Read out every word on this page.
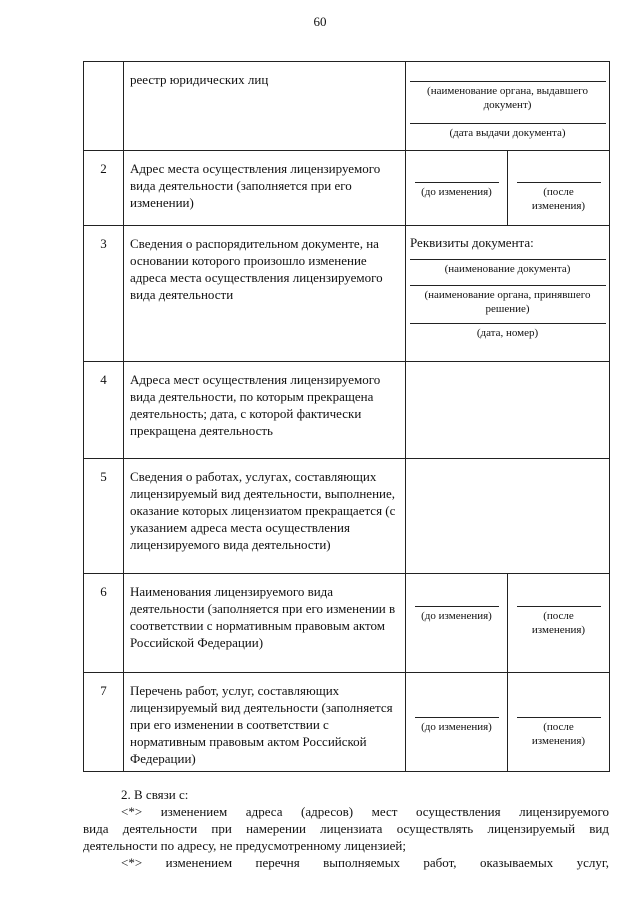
60
	реестр юридических лиц	(наименование органа, выдавшего документ)
(дата выдачи документа)

2	Адрес места осуществления лицензируемого вида деятельности (заполняется при его изменении)	(до изменения) (после изменения)

3	Сведения о распорядительном документе, на основании которого произошло изменение адреса места осуществления лицензируемого вида деятельности	Реквизиты документа:
(наименование документа)
(наименование органа, принявшего решение)
(дата, номер)

4	Адреса мест осуществления лицензируемого вида деятельности, по которым прекращена деятельность; дата, с которой фактически прекращена деятельность	
5	Сведения о работах, услугах, составляющих лицензируемый вид деятельности, выполнение, оказание которых лицензиатом прекращается (с указанием адреса места осуществления лицензируемого вида деятельности)	
6	Наименования лицензируемого вида деятельности (заполняется при его изменении в соответствии с нормативным правовым актом Российской Федерации)	(до изменения) (после изменения)

7	Перечень работ, услуг, составляющих лицензируемый вид деятельности (заполняется при его изменении в соответствии с нормативным правовым актом Российской Федерации)	(до изменения) (после изменения)
2. В связи с:
<*> изменением адреса (адресов) мест осуществления лицензируемого
вида деятельности при намерении лицензиата осуществлять лицензируемый вид
деятельности по адресу, не предусмотренному лицензией;
<*> изменением перечня выполняемых работ, оказываемых услуг,
